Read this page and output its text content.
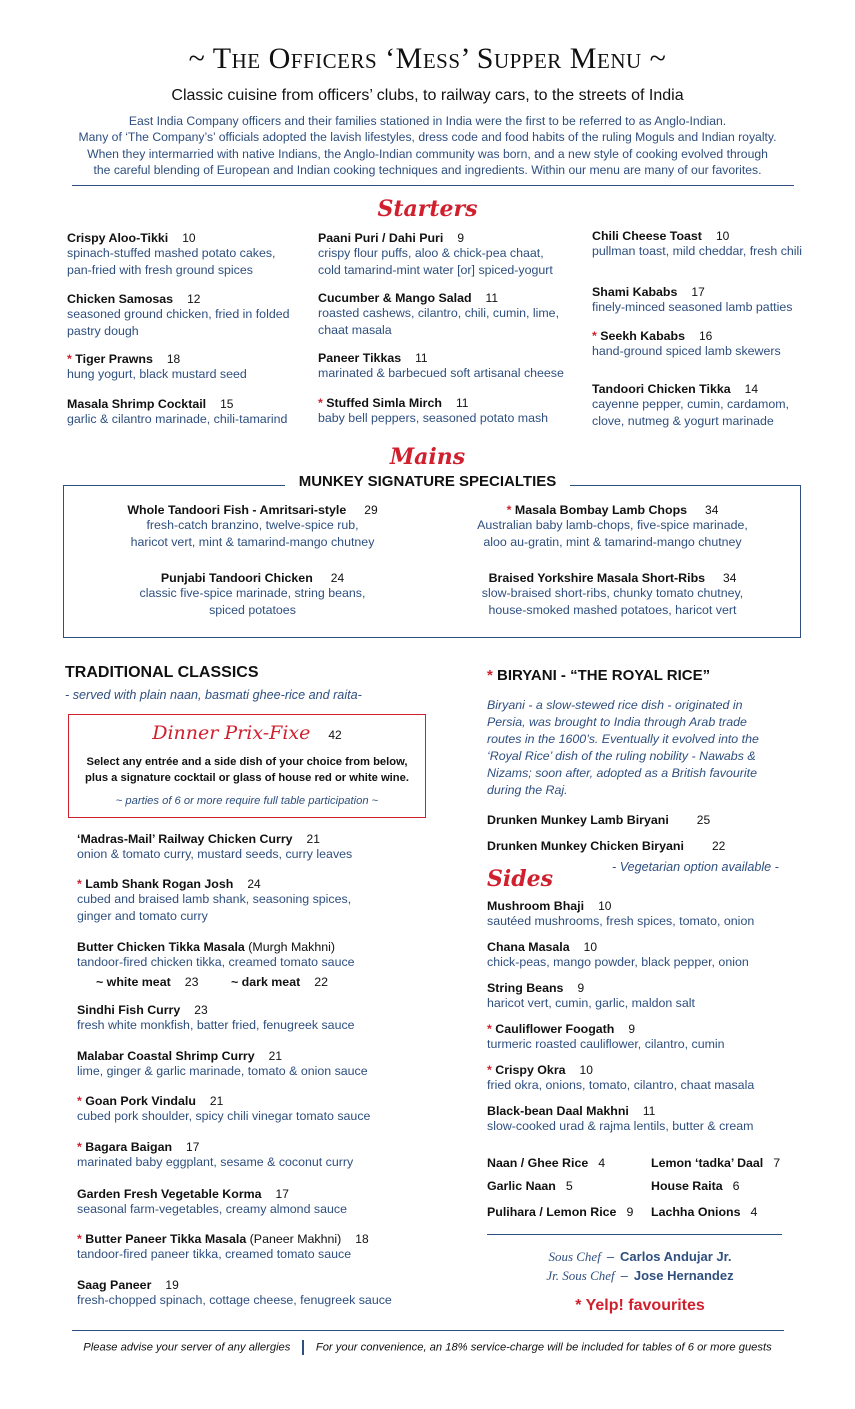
~ The Officers ‘Mess’ Supper Menu ~
Classic cuisine from officers’ clubs, to railway cars, to the streets of India
East India Company officers and their families stationed in India were the first to be referred to as Anglo-Indian.
Many of ‘The Company’s’ officials adopted the lavish lifestyles, dress code and food habits of the ruling Moguls and Indian royalty.
When they intermarried with native Indians, the Anglo-Indian community was born, and a new style of cooking evolved through
the careful blending of European and Indian cooking techniques and ingredients. Within our menu are many of our favorites.
Starters
Crispy Aloo-Tikki 10
spinach-stuffed mashed potato cakes,
pan-fried with fresh ground spices
Chicken Samosas 12
seasoned ground chicken, fried in folded
pastry dough
* Tiger Prawns 18
hung yogurt, black mustard seed
Masala Shrimp Cocktail 15
garlic & cilantro marinade, chili-tamarind
Paani Puri / Dahi Puri 9
crispy flour puffs, aloo & chick-pea chaat,
cold tamarind-mint water [or] spiced-yogurt
Cucumber & Mango Salad 11
roasted cashews, cilantro, chili, cumin, lime,
chaat masala
Paneer Tikkas 11
marinated & barbecued soft artisanal cheese
* Stuffed Simla Mirch 11
baby bell peppers, seasoned potato mash
Chili Cheese Toast 10
pullman toast, mild cheddar, fresh chili
Shami Kababs 17
finely-minced seasoned lamb patties
* Seekh Kababs 16
hand-ground spiced lamb skewers
Tandoori Chicken Tikka 14
cayenne pepper, cumin, cardamom,
clove, nutmeg & yogurt marinade
Mains
MUNKEY SIGNATURE SPECIALTIES
Whole Tandoori Fish - Amritsari-style 29
fresh-catch branzino, twelve-spice rub,
haricot vert, mint & tamarind-mango chutney
Punjabi Tandoori Chicken 24
classic five-spice marinade, string beans,
spiced potatoes
* Masala Bombay Lamb Chops 34
Australian baby lamb-chops, five-spice marinade,
aloo au-gratin, mint & tamarind-mango chutney
Braised Yorkshire Masala Short-Ribs 34
slow-braised short-ribs, chunky tomato chutney,
house-smoked mashed potatoes, haricot vert
TRADITIONAL CLASSICS
- served with plain naan, basmati ghee-rice and raita-
Dinner Prix-Fixe 42
Select any entrée and a side dish of your choice from below,
plus a signature cocktail or glass of house red or white wine.
~ parties of 6 or more require full table participation ~
‘Madras-Mail’ Railway Chicken Curry 21
onion & tomato curry, mustard seeds, curry leaves
* Lamb Shank Rogan Josh 24
cubed and braised lamb shank, seasoning spices,
ginger and tomato curry
Butter Chicken Tikka Masala (Murgh Makhni)
tandoor-fired chicken tikka, creamed tomato sauce
~ white meat 23	~ dark meat 22
Sindhi Fish Curry 23
fresh white monkfish, batter fried, fenugreek sauce
Malabar Coastal Shrimp Curry 21
lime, ginger & garlic marinade, tomato & onion sauce
* Goan Pork Vindalu 21
cubed pork shoulder, spicy chili vinegar tomato sauce
* Bagara Baigan 17
marinated baby eggplant, sesame & coconut curry
Garden Fresh Vegetable Korma 17
seasonal farm-vegetables, creamy almond sauce
* Butter Paneer Tikka Masala (Paneer Makhni) 18
tandoor-fired paneer tikka, creamed tomato sauce
Saag Paneer 19
fresh-chopped spinach, cottage cheese, fenugreek sauce
* BIRYANI - “THE ROYAL RICE”
Biryani - a slow-stewed rice dish - originated in
Persia, was brought to India through Arab trade
routes in the 1600’s. Eventually it evolved into the
‘Royal Rice’ dish of the ruling nobility - Nawabs &
Nizams; soon after, adopted as a British favourite
during the Raj.
Drunken Munkey Lamb Biryani 25
Drunken Munkey Chicken Biryani 22
- Vegetarian option available -
Sides
Mushroom Bhaji 10
sautéed mushrooms, fresh spices, tomato, onion
Chana Masala 10
chick-peas, mango powder, black pepper, onion
String Beans 9
haricot vert, cumin, garlic, maldon salt
* Cauliflower Foogath 9
turmeric roasted cauliflower, cilantro, cumin
* Crispy Okra 10
fried okra, onions, tomato, cilantro, chaat masala
Black-bean Daal Makhni 11
slow-cooked urad & rajma lentils, butter & cream
Naan / Ghee Rice 4
Garlic Naan 5
Pulihara / Lemon Rice 9
Lemon ‘tadka’ Daal 7
House Raita 6
Lachha Onions 4
Sous Chef – Carlos Andujar Jr.
Jr. Sous Chef – Jose Hernandez
* Yelp! favourites
Please advise your server of any allergies For your convenience, an 18% service-charge will be included for tables of 6 or more guests
